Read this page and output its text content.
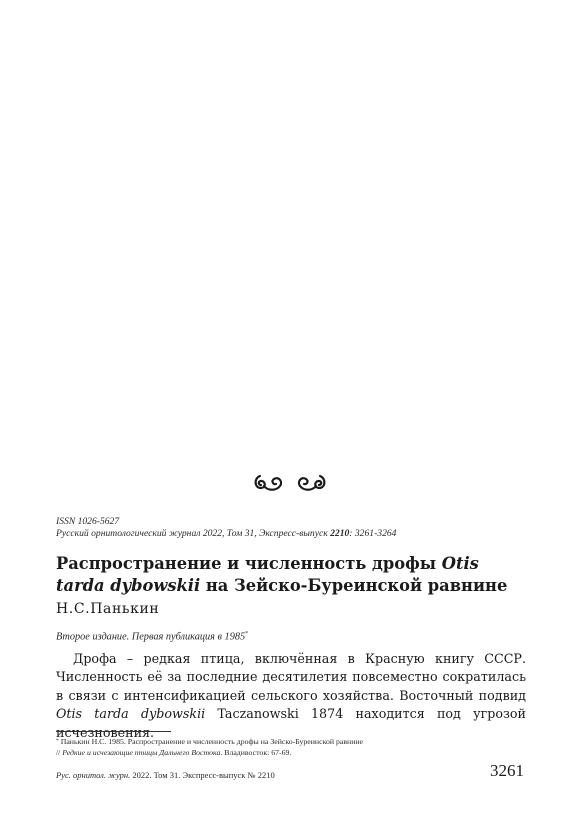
ISSN 1026-5627
Русский орнитологический журнал 2022, Том 31, Экспресс-выпуск 2210: 3261-3264
Распространение и численность дрофы Otis tarda dybowskii на Зейско-Буреинской равнине
Н.С.Панькин
Второе издание. Первая публикация в 1985*

Дрофа – редкая птица, включённая в Красную книгу СССР. Численность её за последние десятилетия повсеместно сократилась в связи с интенсификацией сельского хозяйства. Восточный подвид Otis tarda dybowskii Taczanowski 1874 находится под угрозой исчезновения.

* Панькин Н.С. 1985. Распространение и численность дрофы на Зейско-Буреинской равнине
// Редкие и исчезающие птицы Дальнего Востока. Владивосток: 67-69.
Рус. орнитол. журн. 2022. Том 31. Экспресс-выпуск № 2210	3261
